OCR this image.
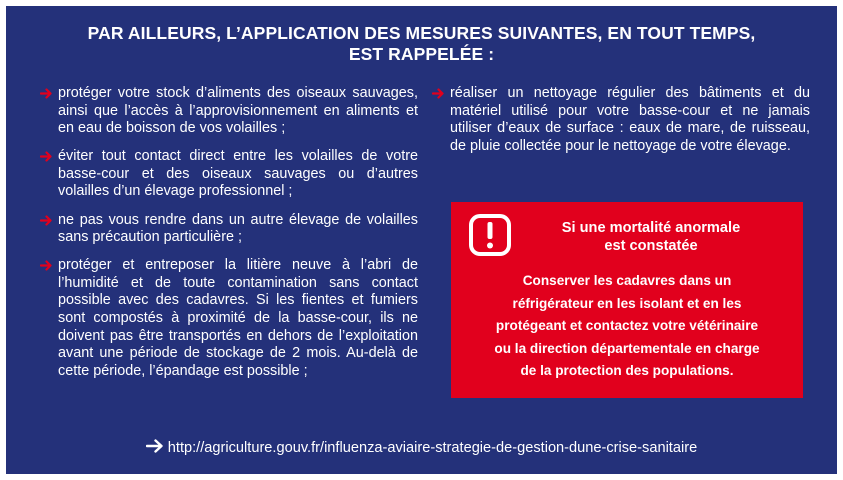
PAR AILLEURS, L’APPLICATION DES MESURES SUIVANTES, EN TOUT TEMPS,
EST RAPPELÉE :
protéger votre stock d’aliments des oiseaux sauvages, ainsi que l’accès à l’approvisionnement en aliments et en eau de boisson de vos volailles ;
éviter tout contact direct entre les volailles de votre basse-cour et des oiseaux sauvages ou d’autres volailles d’un élevage professionnel ;
ne pas vous rendre dans un autre élevage de volailles sans précaution particulière ;
protéger et entreposer la litière neuve à l’abri de l’humidité et de toute contamination sans contact possible avec des cadavres. Si les fientes et fumiers sont compostés à proximité de la basse-cour, ils ne doivent pas être transportés en dehors de l’exploitation avant une période de stockage de 2 mois. Au-delà de cette période, l’épandage est possible ;
réaliser un nettoyage régulier des bâtiments et du matériel utilisé pour votre basse-cour et ne jamais utiliser d’eaux de surface : eaux de mare, de ruisseau, de pluie collectée pour le nettoyage de votre élevage.
Si une mortalité anormale
est constatée
Conserver les cadavres dans un
réfrigérateur en les isolant et en les
protégeant et contactez votre vétérinaire
ou la direction départementale en charge
de la protection des populations.
http://agriculture.gouv.fr/influenza-aviaire-strategie-de-gestion-dune-crise-sanitaire
